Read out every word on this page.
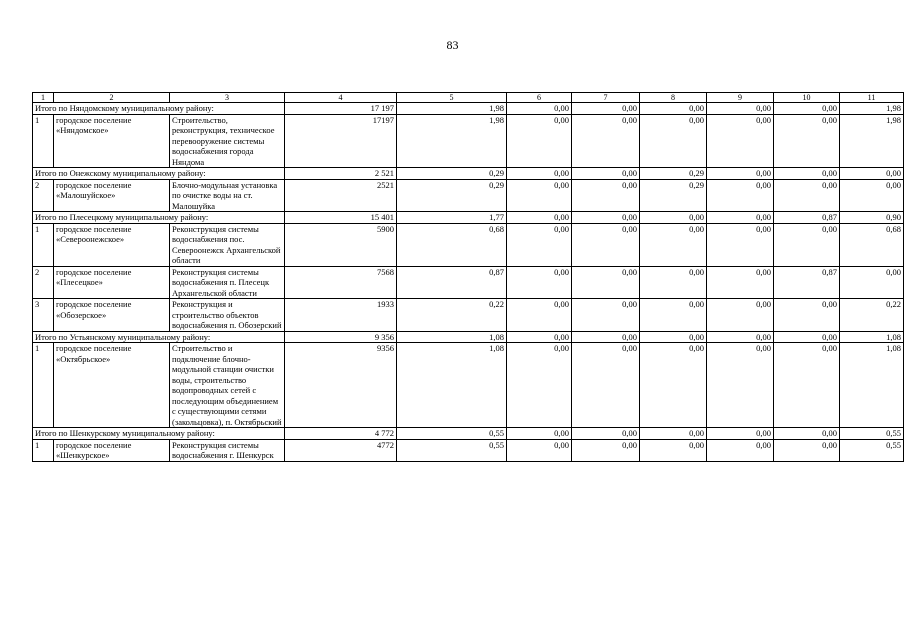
83
1	2	3	4	5	6	7	8	9	10	11
Итого по Няндомскому муниципальному району:			17 197	1,98	0,00	0,00	0,00	0,00	0,00	1,98
1	городское поселение «Няндомское»	Строительство, реконструкция, техническое перевооружение системы водоснабжения города Няндома	17197	1,98	0,00	0,00	0,00	0,00	0,00	1,98
Итого по Онежскому муниципальному району:			2 521	0,29	0,00	0,00	0,29	0,00	0,00	0,00
2	городское поселение «Малошуйское»	Блочно-модульная установка по очистке воды на ст. Малошуйка	2521	0,29	0,00	0,00	0,29	0,00	0,00	0,00
Итого по Плесецкому муниципальному району:			15 401	1,77	0,00	0,00	0,00	0,00	0,87	0,90
1	городское поселение «Североонежское»	Реконструкция системы водоснабжения пос. Североонежск Архангельской области	5900	0,68	0,00	0,00	0,00	0,00	0,00	0,68
2	городское поселение «Плесецкое»	Реконструкция системы водоснабжения п. Плесецк Архангельской области	7568	0,87	0,00	0,00	0,00	0,00	0,87	0,00
3	городское поселение «Обозерское»	Реконструкция и строительство объектов водоснабжения п. Обозерский	1933	0,22	0,00	0,00	0,00	0,00	0,00	0,22
Итого по Устьянскому муниципальному району:			9 356	1,08	0,00	0,00	0,00	0,00	0,00	1,08
1	городское поселение «Октябрьское»	Строительство и подключение блочно-модульной станции очистки воды, строительство водопроводных сетей с последующим объединением с существующими сетями (закольцовка), п. Октябрьский	9356	1,08	0,00	0,00	0,00	0,00	0,00	1,08
Итого по Шенкурскому муниципальному району:			4 772	0,55	0,00	0,00	0,00	0,00	0,00	0,55
1	городское поселение «Шенкурское»	Реконструкция системы водоснабжения г. Шенкурск	4772	0,55	0,00	0,00	0,00	0,00	0,00	0,55
